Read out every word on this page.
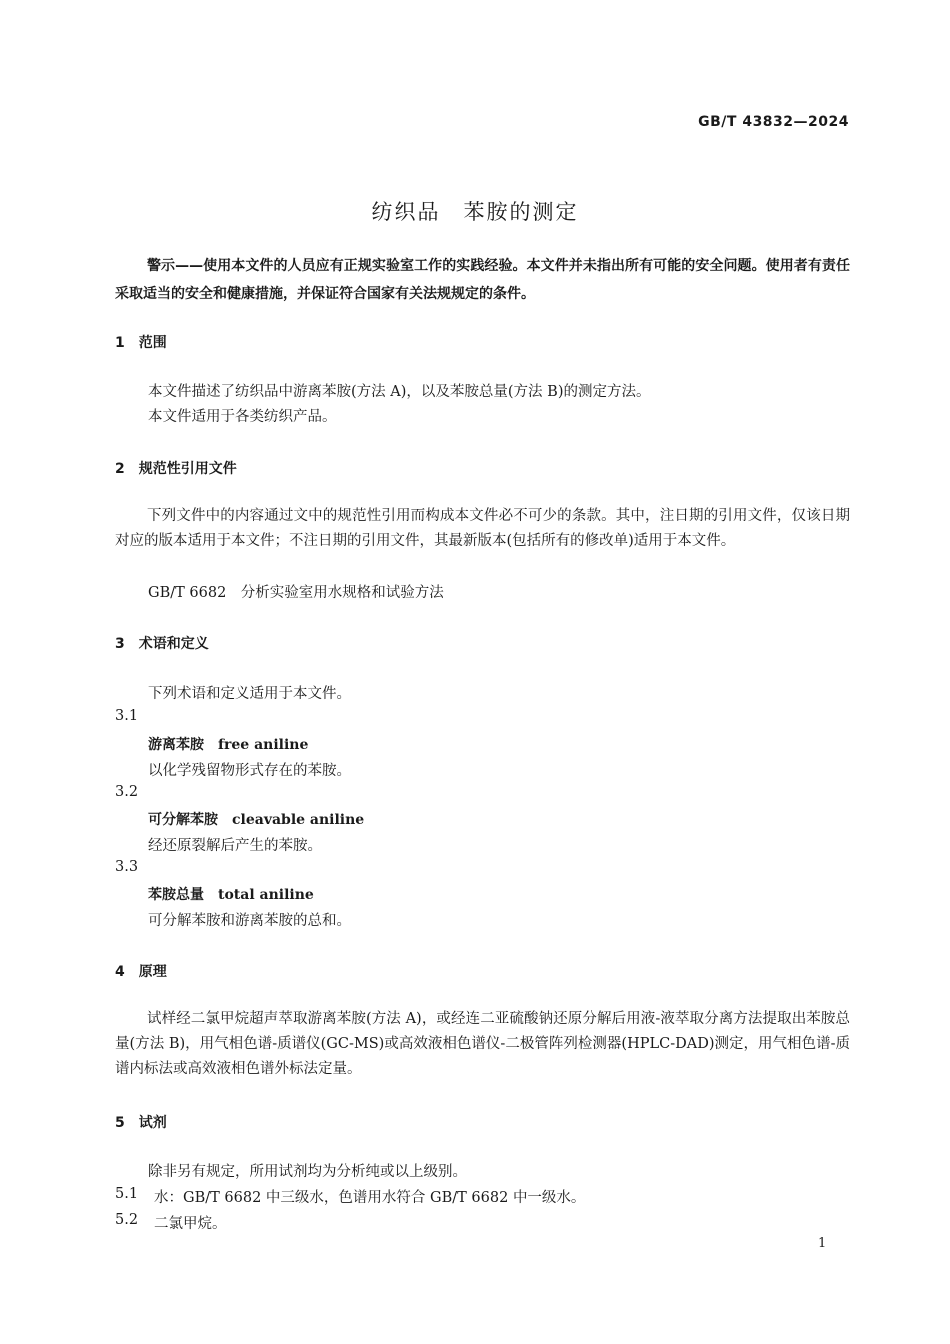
GB/T 43832—2024
纺织品　苯胺的测定
警示——使用本文件的人员应有正规实验室工作的实践经验。本文件并未指出所有可能的安全问题。使用者有责任采取适当的安全和健康措施，并保证符合国家有关法规规定的条件。
1　范围
本文件描述了纺织品中游离苯胺(方法 A)，以及苯胺总量(方法 B)的测定方法。
本文件适用于各类纺织产品。
2　规范性引用文件
下列文件中的内容通过文中的规范性引用而构成本文件必不可少的条款。其中，注日期的引用文件，仅该日期对应的版本适用于本文件；不注日期的引用文件，其最新版本(包括所有的修改单)适用于本文件。
GB/T 6682　分析实验室用水规格和试验方法
3　术语和定义
下列术语和定义适用于本文件。
3.1
游离苯胺　 free aniline
以化学残留物形式存在的苯胺。
3.2
可分解苯胺　 cleavable aniline
经还原裂解后产生的苯胺。
3.3
苯胺总量　 total aniline
可分解苯胺和游离苯胺的总和。
4　原理
试样经二氯甲烷超声萃取游离苯胺(方法 A)，或经连二亚硫酸钠还原分解后用液-液萃取分离方法提取出苯胺总量(方法 B)，用气相色谱-质谱仪(GC-MS)或高效液相色谱仪-二极管阵列检测器(HPLC-DAD)测定，用气相色谱-质谱内标法或高效液相色谱外标法定量。
5　试剂
除非另有规定，所用试剂均为分析纯或以上级别。
5.1 水：GB/T 6682 中三级水，色谱用水符合 GB/T 6682 中一级水。
5.2 二氯甲烷。
1
